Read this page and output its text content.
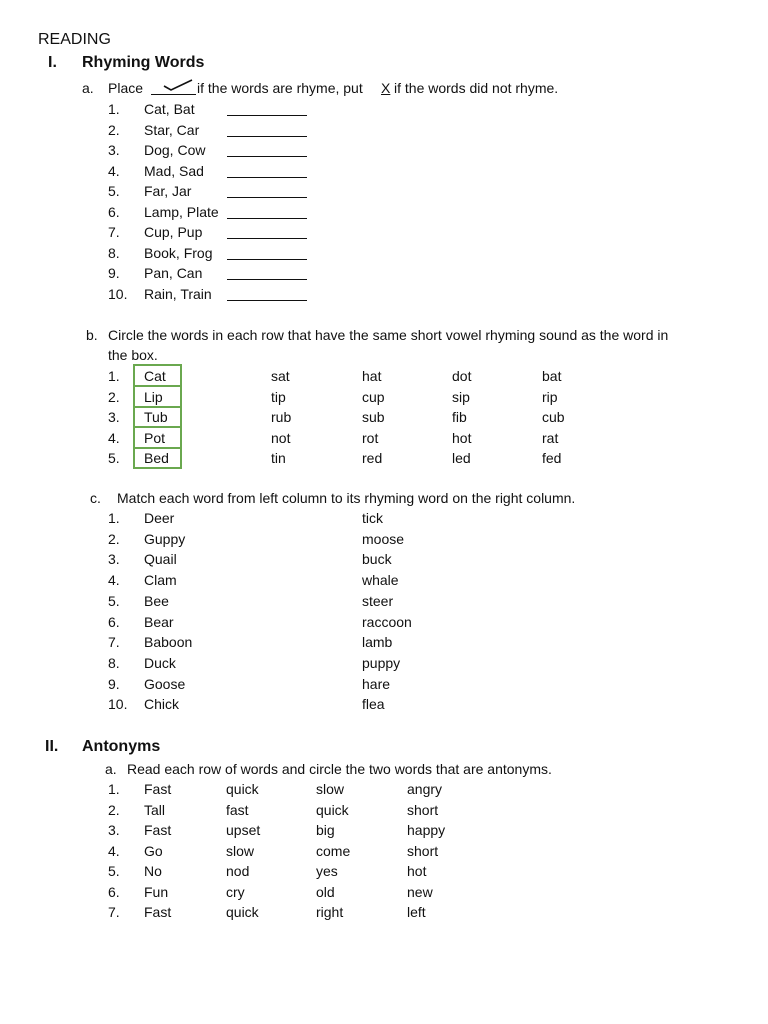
READING
I. Rhyming Words
a. Place	if the words are rhyme, put X if the words did not rhyme.
1. Cat, Bat
2. Star, Car
3. Dog, Cow
4. Mad, Sad
5. Far, Jar
6. Lamp, Plate
7. Cup, Pup
8. Book, Frog
9. Pan, Can
10. Rain, Train
b. Circle the words in each row that have the same short vowel rhyming sound as the word in
the box.
1. Cat	sat	hat	dot	bat
2. Lip	tip	cup	sip	rip
3. Tub	rub	sub	fib	cub
4. Pot	not	rot	hot	rat
5. Bed	tin	red	led	fed
c. Match each word from left column to its rhyming word on the right column.
1. Deer	tick
2. Guppy	moose
3. Quail	buck
4. Clam	whale
5. Bee	steer
6. Bear	raccoon
7. Baboon	lamb
8. Duck	puppy
9. Goose	hare
10. Chick	flea
II. Antonyms
a. Read each row of words and circle the two words that are antonyms.
1. Fast	quick	slow	angry
2. Tall	fast	quick	short
3. Fast	upset	big	happy
4. Go	slow	come	short
5. No	nod	yes	hot
6. Fun	cry	old	new
7. Fast	quick	right	left
